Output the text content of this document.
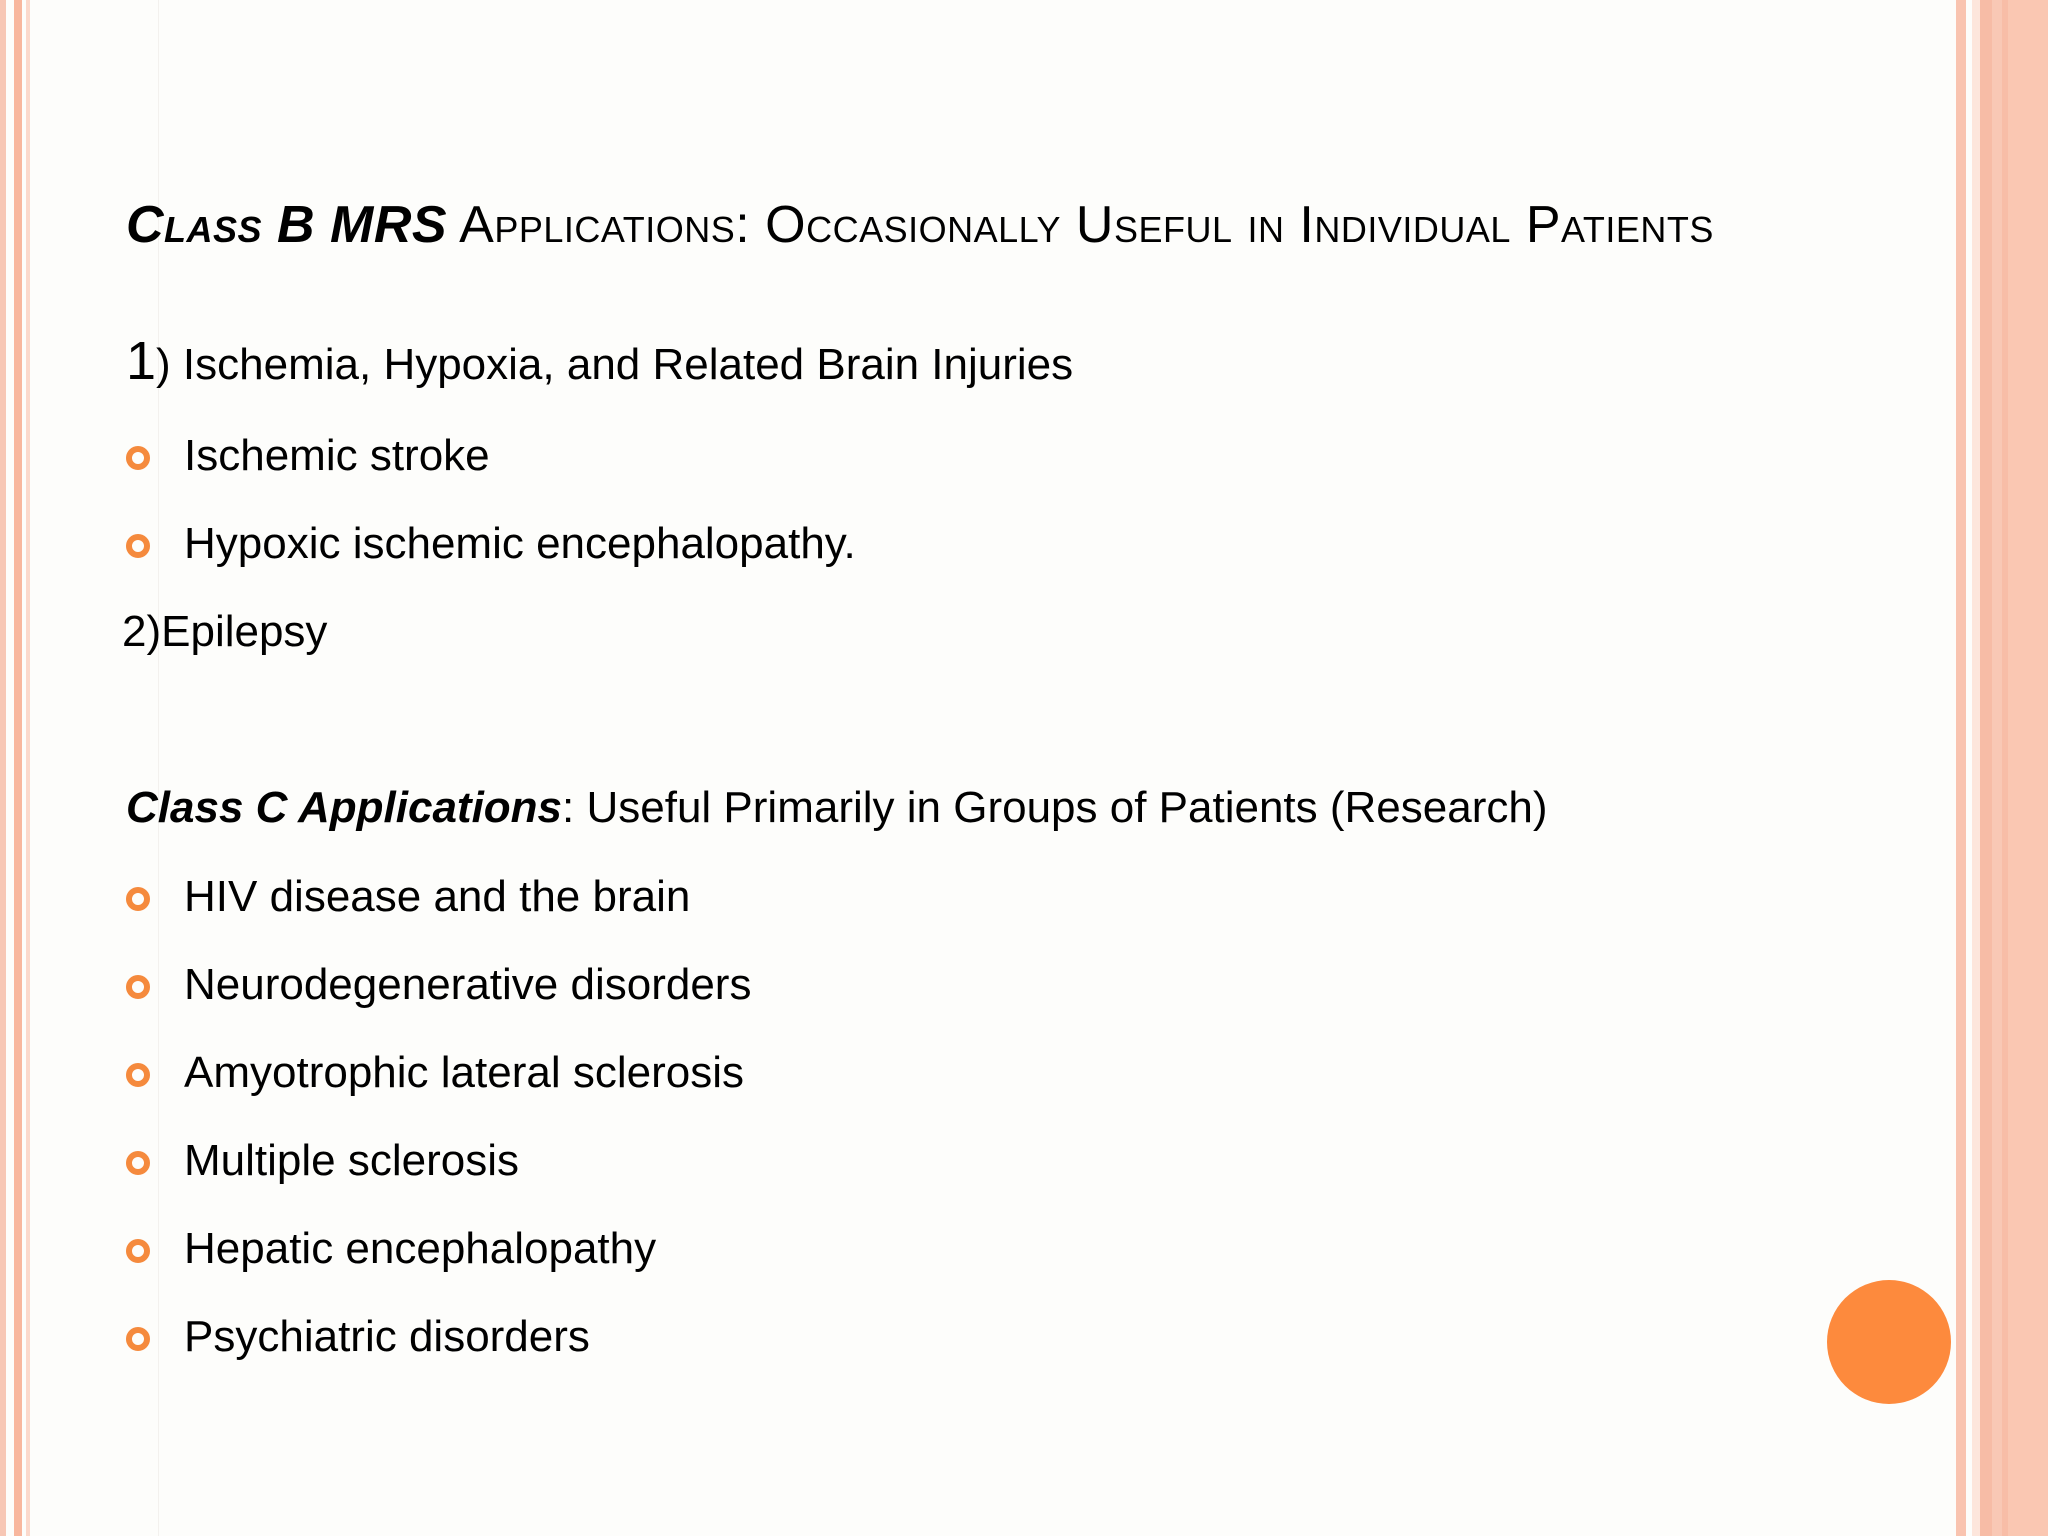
Class B MRS Applications: Occasionally Useful in Individual Patients
1) Ischemia, Hypoxia, and Related Brain Injuries
Ischemic stroke
Hypoxic ischemic encephalopathy.
2)Epilepsy
Class C Applications: Useful Primarily in Groups of Patients (Research)
HIV disease and the brain
Neurodegenerative disorders
Amyotrophic lateral sclerosis
Multiple sclerosis
Hepatic encephalopathy
Psychiatric disorders
